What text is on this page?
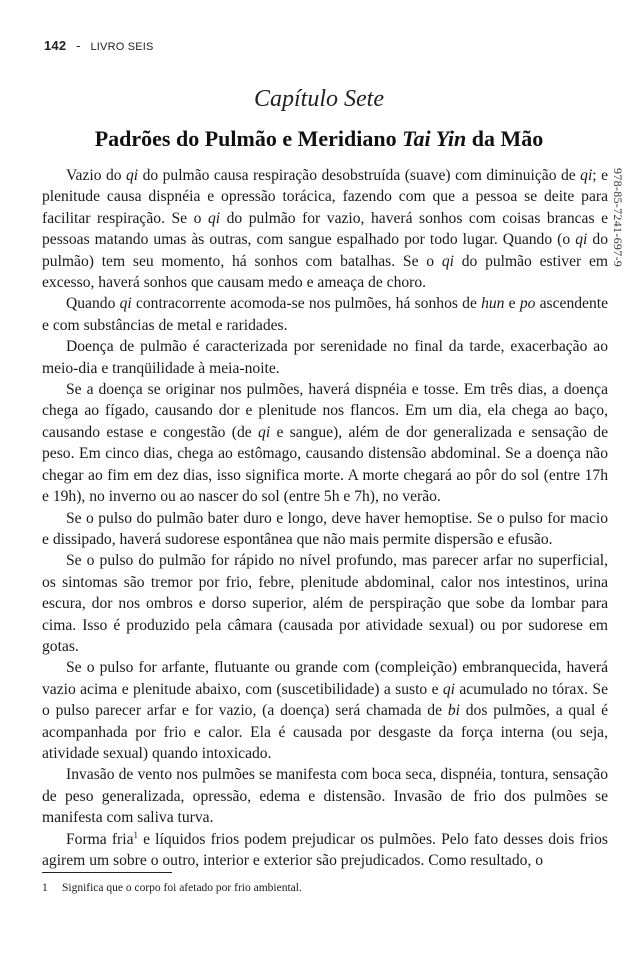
142 - LIVRO SEIS
Capítulo Sete
Padrões do Pulmão e Meridiano Tai Yin da Mão
978-85-7241-697-9

Vazio do qi do pulmão causa respiração desobstruída (suave) com diminuição de qi; e plenitude causa dispnéia e opressão torácica, fazendo com que a pessoa se deite para facilitar respiração. Se o qi do pulmão for vazio, haverá sonhos com coisas brancas e pessoas matando umas às outras, com sangue espalhado por todo lugar. Quando (o qi do pulmão) tem seu momento, há sonhos com batalhas. Se o qi do pulmão estiver em excesso, haverá sonhos que causam medo e ameaça de choro.

Quando qi contracorrente acomoda-se nos pulmões, há sonhos de hun e po ascendente e com substâncias de metal e raridades.

Doença de pulmão é caracterizada por serenidade no final da tarde, exacerbação ao meio-dia e tranqüilidade à meia-noite.

Se a doença se originar nos pulmões, haverá dispnéia e tosse. Em três dias, a doença chega ao fígado, causando dor e plenitude nos flancos. Em um dia, ela chega ao baço, causando estase e congestão (de qi e sangue), além de dor generalizada e sensação de peso. Em cinco dias, chega ao estômago, causando distensão abdominal. Se a doença não chegar ao fim em dez dias, isso significa morte. A morte chegará ao pôr do sol (entre 17h e 19h), no inverno ou ao nascer do sol (entre 5h e 7h), no verão.

Se o pulso do pulmão bater duro e longo, deve haver hemoptise. Se o pulso for macio e dissipado, haverá sudorese espontânea que não mais permite dispersão e efusão.

Se o pulso do pulmão for rápido no nível profundo, mas parecer arfar no superficial, os sintomas são tremor por frio, febre, plenitude abdominal, calor nos intestinos, urina escura, dor nos ombros e dorso superior, além de perspiração que sobe da lombar para cima. Isso é produzido pela câmara (causada por atividade sexual) ou por sudorese em gotas.

Se o pulso for arfante, flutuante ou grande com (compleição) embranquecida, haverá vazio acima e plenitude abaixo, com (suscetibilidade) a susto e qi acumulado no tórax. Se o pulso parecer arfar e for vazio, (a doença) será chamada de bi dos pulmões, a qual é acompanhada por frio e calor. Ela é causada por desgaste da força interna (ou seja, atividade sexual) quando intoxicado.

Invasão de vento nos pulmões se manifesta com boca seca, dispnéia, tontura, sensação de peso generalizada, opressão, edema e distensão. Invasão de frio dos pulmões se manifesta com saliva turva.

Forma fria$^1$ e líquidos frios podem prejudicar os pulmões. Pelo fato desses dois frios agirem um sobre o outro, interior e exterior são prejudicados. Como resultado, o

1 Significa que o corpo foi afetado por frio ambiental.
